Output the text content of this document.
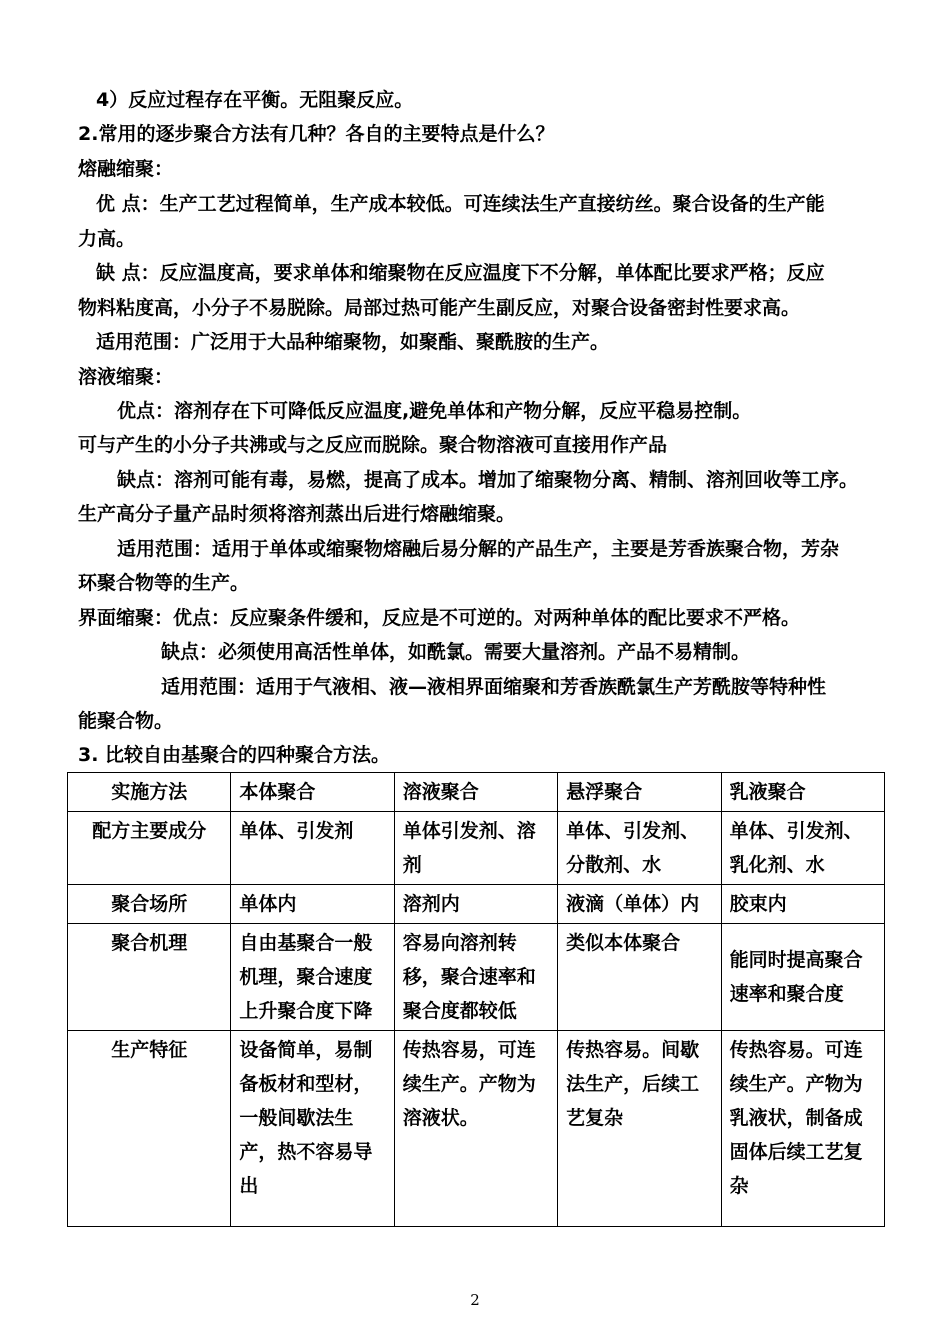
4）反应过程存在平衡。无阻聚反应。
2.常用的逐步聚合方法有几种？各自的主要特点是什么？
熔融缩聚：
优 点：生产工艺过程简单，生产成本较低。可连续法生产直接纺丝。聚合设备的生产能
力高。
缺 点：反应温度高，要求单体和缩聚物在反应温度下不分解，单体配比要求严格；反应
物料粘度高，小分子不易脱除。局部过热可能产生副反应，对聚合设备密封性要求高。
适用范围：广泛用于大品种缩聚物，如聚酯、聚酰胺的生产。
溶液缩聚：
优点：溶剂存在下可降低反应温度,避免单体和产物分解，反应平稳易控制。
可与产生的小分子共沸或与之反应而脱除。聚合物溶液可直接用作产品
缺点：溶剂可能有毒，易燃，提高了成本。增加了缩聚物分离、精制、溶剂回收等工序。
生产高分子量产品时须将溶剂蒸出后进行熔融缩聚。
适用范围：适用于单体或缩聚物熔融后易分解的产品生产，主要是芳香族聚合物，芳杂
环聚合物等的生产。
界面缩聚：优点：反应聚条件缓和，反应是不可逆的。对两种单体的配比要求不严格。
缺点：必须使用高活性单体，如酰氯。需要大量溶剂。产品不易精制。
适用范围：适用于气液相、液—液相界面缩聚和芳香族酰氯生产芳酰胺等特种性
能聚合物。
3. 比较自由基聚合的四种聚合方法。
实施方法	本体聚合	溶液聚合	悬浮聚合	乳液聚合
配方主要成分	单体、引发剂	单体引发剂、溶剂	单体、引发剂、分散剂、水	单体、引发剂、乳化剂、水
聚合场所	单体内	溶剂内	液滴（单体）内	胶束内
聚合机理	自由基聚合一般机理，聚合速度上升聚合度下降	容易向溶剂转移，聚合速率和聚合度都较低	类似本体聚合	能同时提高聚合速率和聚合度
生产特征	设备简单，易制备板材和型材，一般间歇法生产，热不容易导出	传热容易，可连续生产。产物为溶液状。	传热容易。间歇法生产，后续工艺复杂	传热容易。可连续生产。产物为乳液状，制备成固体后续工艺复杂
2
